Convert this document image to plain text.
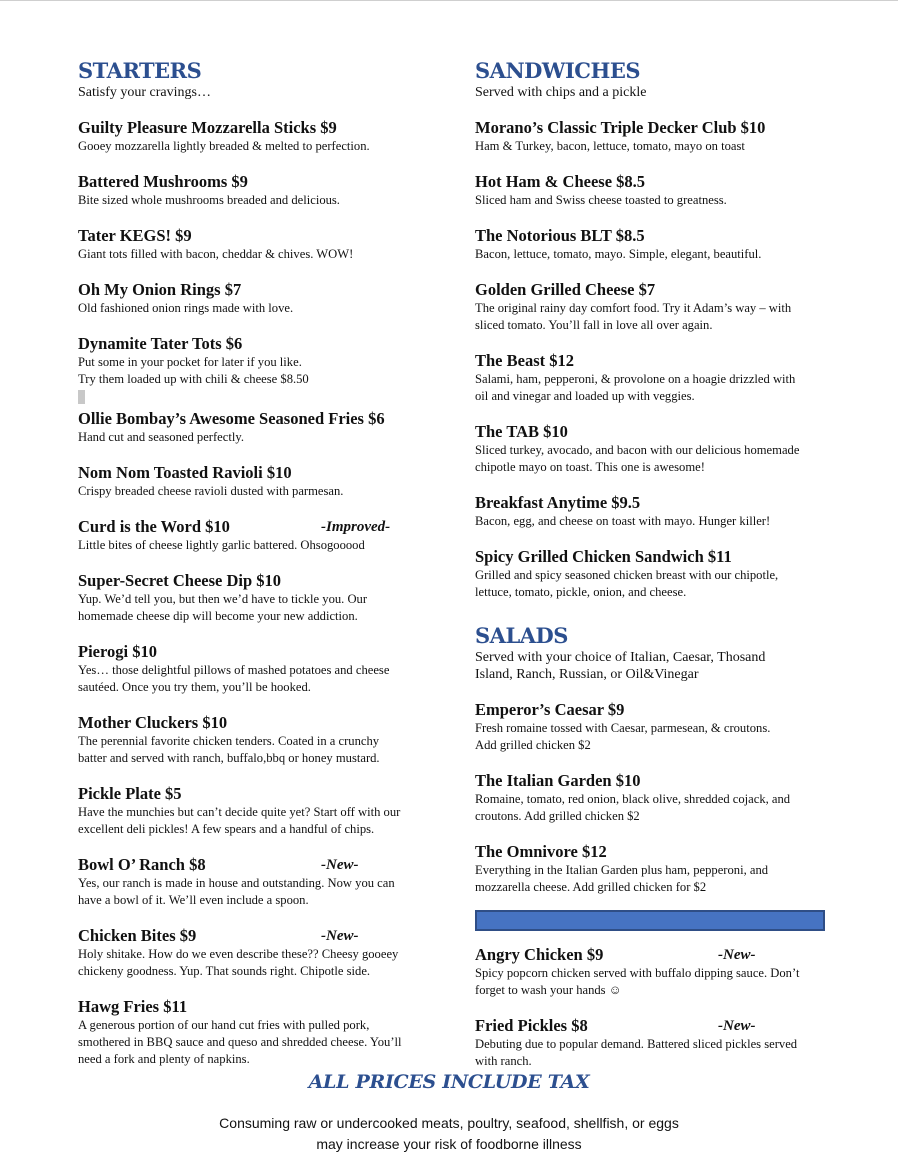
STARTERS

Satisfy your cravings…

Guilty Pleasure Mozzarella Sticks $9

Gooey mozzarella lightly breaded & melted to perfection.

Battered Mushrooms $9

Bite sized whole mushrooms breaded and delicious.

Tater KEGS! $9

Giant tots filled with bacon, cheddar & chives. WOW!

Oh My Onion Rings $7

Old fashioned onion rings made with love.

Dynamite Tater Tots $6

Put some in your pocket for later if you like.

Try them loaded up with chili & cheese $8.50

Ollie Bombay’s Awesome Seasoned Fries $6

Hand cut and seasoned perfectly.

Nom Nom Toasted Ravioli $10

Crispy breaded cheese ravioli dusted with parmesan.

Curd is the Word $10	-Improved-

Little bites of cheese lightly garlic battered. Ohsogooood

Super-Secret Cheese Dip $10

Yup. We’d tell you, but then we’d have to tickle you. Our

homemade cheese dip will become your new addiction.

Pierogi $10

Yes… those delightful pillows of mashed potatoes and cheese

sautéed. Once you try them, you’ll be hooked.

Mother Cluckers $10

The perennial favorite chicken tenders. Coated in a crunchy

batter and served with ranch, buffalo,bbq or honey mustard.

Pickle Plate $5

Have the munchies but can’t decide quite yet? Start off with our

excellent deli pickles! A few spears and a handful of chips.

Bowl O’ Ranch $8	-New-

Yes, our ranch is made in house and outstanding. Now you can

have a bowl of it. We’ll even include a spoon.

Chicken Bites $9	-New-

Holy shitake. How do we even describe these?? Cheesy gooeey

chickeny goodness. Yup. That sounds right. Chipotle side.

Hawg Fries $11

A generous portion of our hand cut fries with pulled pork,

smothered in BBQ sauce and queso and shredded cheese. You’ll

need a fork and plenty of napkins.

SANDWICHES

Served with chips and a pickle

Morano’s Classic Triple Decker Club $10

Ham & Turkey, bacon, lettuce, tomato, mayo on toast

Hot Ham & Cheese $8.5

Sliced ham and Swiss cheese toasted to greatness.

The Notorious BLT $8.5

Bacon, lettuce, tomato, mayo. Simple, elegant, beautiful.

Golden Grilled Cheese $7

The original rainy day comfort food. Try it Adam’s way – with

sliced tomato. You’ll fall in love all over again.

The Beast $12

Salami, ham, pepperoni, & provolone on a hoagie drizzled with

oil and vinegar and loaded up with veggies.

The TAB $10

Sliced turkey, avocado, and bacon with our delicious homemade

chipotle mayo on toast. This one is awesome!

Breakfast Anytime $9.5

Bacon, egg, and cheese on toast with mayo. Hunger killer!

Spicy Grilled Chicken Sandwich $11

Grilled and spicy seasoned chicken breast with our chipotle,

lettuce, tomato, pickle, onion, and cheese.

SALADS

Served with your choice of Italian, Caesar, Thosand

Island, Ranch, Russian, or Oil&Vinegar

Emperor’s Caesar $9

Fresh romaine tossed with Caesar, parmesean, & croutons.

Add grilled chicken $2

The Italian Garden $10

Romaine, tomato, red onion, black olive, shredded cojack, and

croutons. Add grilled chicken $2

The Omnivore $12

Everything in the Italian Garden plus ham, pepperoni, and

mozzarella cheese. Add grilled chicken for $2

Angry Chicken $9	-New-

Spicy popcorn chicken served with buffalo dipping sauce. Don’t

forget to wash your hands ☺

Fried Pickles $8	-New-

Debuting due to popular demand. Battered sliced pickles served

with ranch.

ALL PRICES INCLUDE TAX
Consuming raw or undercooked meats, poultry, seafood, shellfish, or eggs
may increase your risk of foodborne illness
